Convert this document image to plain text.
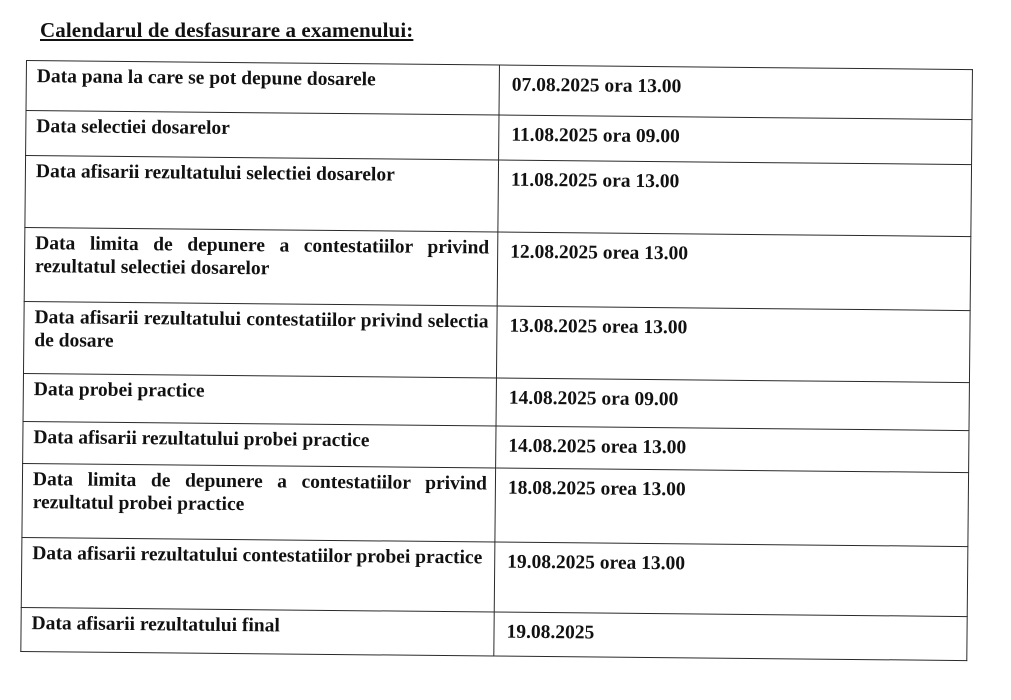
Calendarul de desfasurare a examenului:
Data pana la care se pot depune dosarele	07.08.2025 ora 13.00
Data selectiei dosarelor	11.08.2025 ora 09.00
Data afisarii rezultatului selectiei dosarelor	11.08.2025 ora 13.00
Data limita de depunere a contestatiilor privind rezultatul selectiei dosarelor	12.08.2025 orea 13.00
Data afisarii rezultatului contestatiilor privind selectia de dosare	13.08.2025 orea 13.00
Data probei practice	14.08.2025 ora 09.00
Data afisarii rezultatului probei practice	14.08.2025 orea 13.00
Data limita de depunere a contestatiilor privind rezultatul probei practice	18.08.2025 orea 13.00
Data afisarii rezultatului contestatiilor probei practice	19.08.2025 orea 13.00
Data afisarii rezultatului final	19.08.2025
